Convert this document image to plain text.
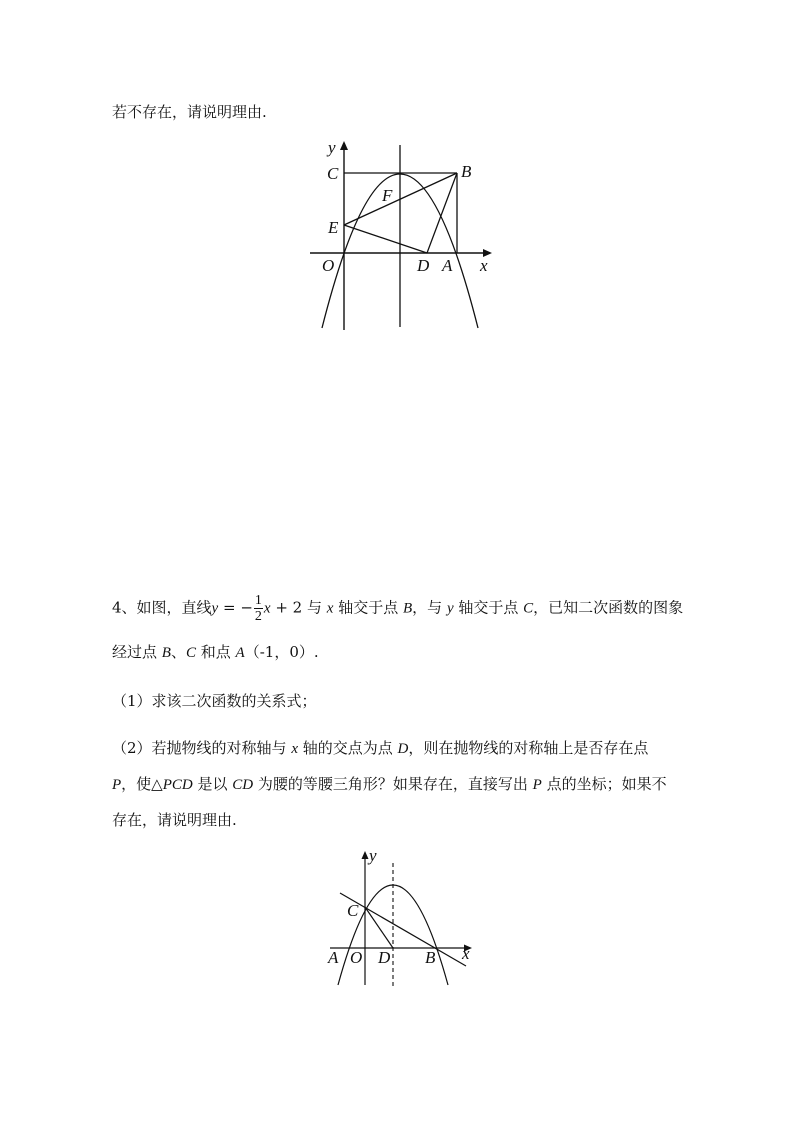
若不存在，请说明理由.
y
C	B
F
E
O	D A x
4、如图，直线y = − $\frac{1}{2}$ x + 2 与 x 轴交于点 B，与 y 轴交于点 C，已知二次函数的图象
经过点 B、C 和点 A（-1，0）.
（1）求该二次函数的关系式；
（2）若抛物线的对称轴与 x 轴的交点为点 D，则在抛物线的对称轴上是否存在点
P，使△PCD 是以 CD 为腰的等腰三角形？如果存在，直接写出 P 点的坐标；如果不
存在，请说明理由.
y
C
A O D B x
